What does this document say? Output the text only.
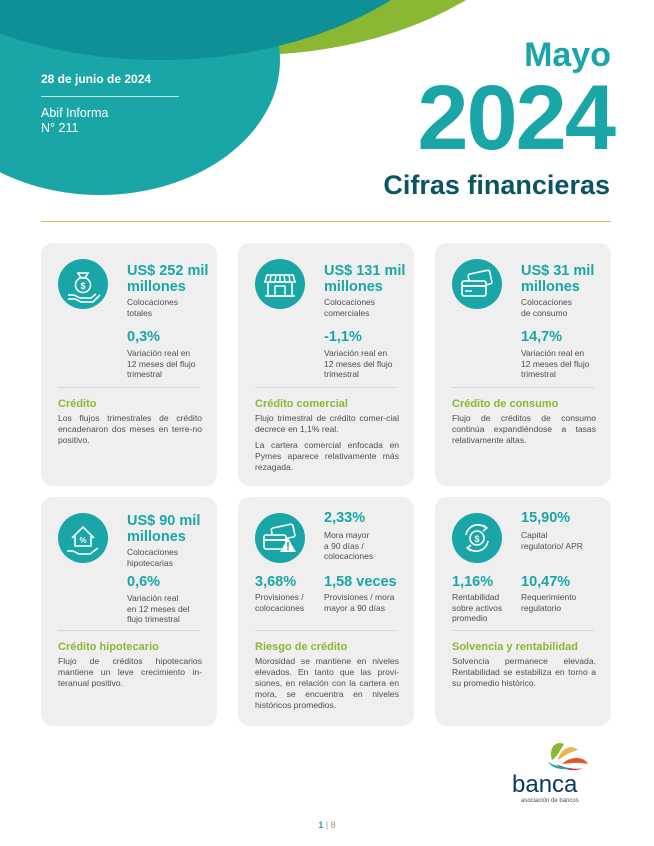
28 de junio de 2024
Abif Informa
N° 211
Mayo
2024
Cifras financieras
$
US$ 252 mil
millones
Colocaciones
totales
0,3%
Variación real en
12 meses del flujo
trimestral
Crédito

Los flujos trimestrales de crédito encadenaron dos meses en terre-no positivo.

US$ 131 mil
millones
Colocaciones
comerciales
-1,1%
Variación real en
12 meses del flujo
trimestral
Crédito comercial

Flujo trimestral de crédito comer-cial decrece en 1,1% real.

La cartera comercial enfocada en Pymes aparece relativamente más rezagada.

US$ 31 mil
millones
Colocaciones
de consumo
14,7%
Variación real en
12 meses del flujo
trimestral
Crédito de consumo

Flujo de créditos de consumo continúa expandiéndose a tasas relativamente altas.

%
US$ 90 mil
millones
Colocaciones
hipotecarias
0,6%
Variación real
en 12 meses del
flujo trimestral
Crédito hipotecario

Flujo de créditos hipotecarios mantiene un leve crecimiento in-teranual positivo.

2,33%
Mora mayor
a 90 días /
colocaciones
3,68%
Provisiones /
colocaciones
1,58 veces
Provisiones / mora
mayor a 90 días
Riesgo de crédito

Morosidad se mantiene en niveles elevados. En tanto que las provi-siones, en relación con la cartera en mora, se encuentra en niveles históricos promedios.

$
15,90%
Capital
regulatorio/ APR
1,16%
Rentabilidad
sobre activos
promedio
10,47%
Requerimiento
regulatorio
Solvencia y rentabilidad

Solvencia permanece elevada. Rentabilidad se estabiliza en torno a su promedio histórico.

banca
asociación de bancos
1 | 8
